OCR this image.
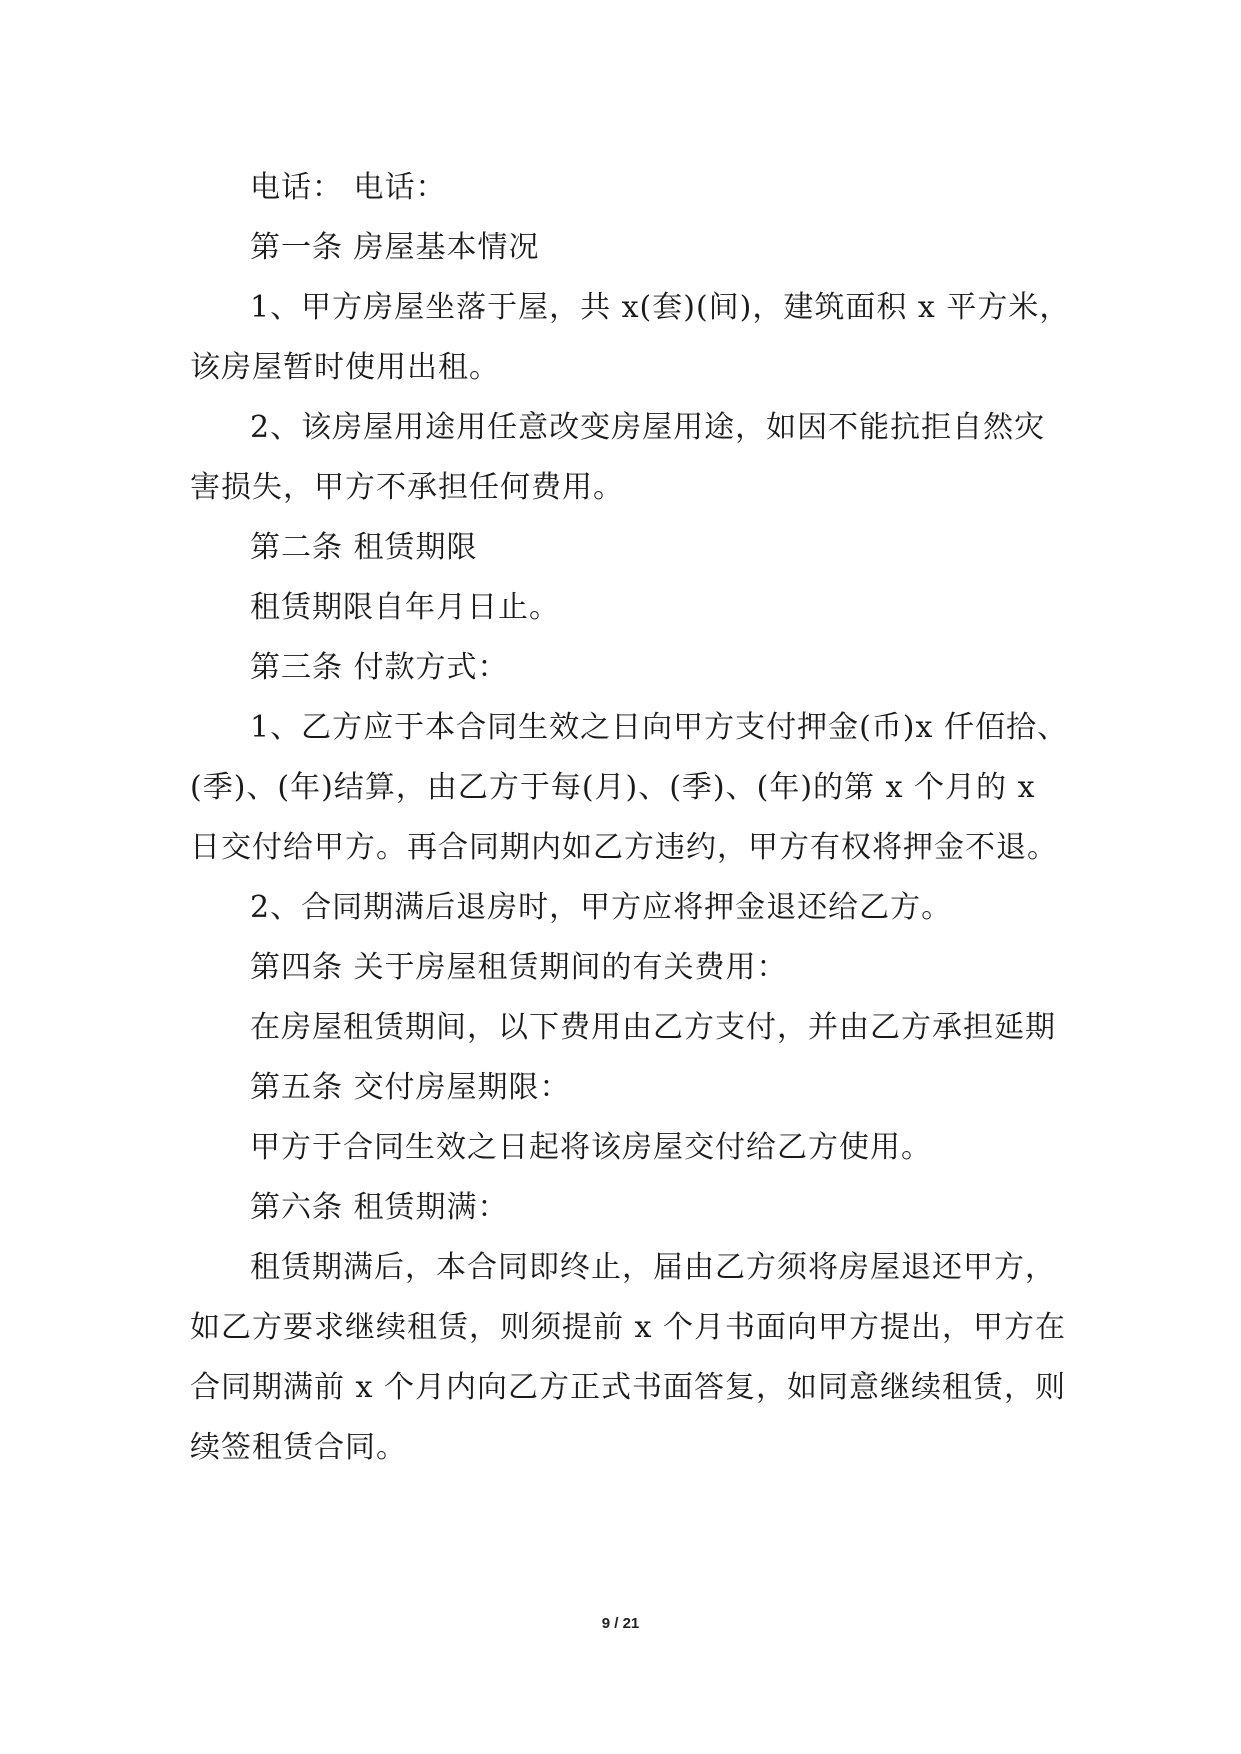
电话： 电话：
第一条 房屋基本情况
1、甲方房屋坐落于屋，共 x(套)(间)，建筑面积 x 平方米，
该房屋暂时使用出租。
2、该房屋用途用任意改变房屋用途，如因不能抗拒自然灾
害损失，甲方不承担任何费用。
第二条 租赁期限
租赁期限自年月日止。
第三条 付款方式：
1、乙方应于本合同生效之日向甲方支付押金(币)x 仟佰拾、
(季)、(年)结算，由乙方于每(月)、(季)、(年)的第 x 个月的 x
日交付给甲方。再合同期内如乙方违约，甲方有权将押金不退。
2、合同期满后退房时，甲方应将押金退还给乙方。
第四条 关于房屋租赁期间的有关费用：
在房屋租赁期间，以下费用由乙方支付，并由乙方承担延期
第五条 交付房屋期限：
甲方于合同生效之日起将该房屋交付给乙方使用。
第六条 租赁期满：
租赁期满后，本合同即终止，届由乙方须将房屋退还甲方，
如乙方要求继续租赁，则须提前 x 个月书面向甲方提出，甲方在
合同期满前 x 个月内向乙方正式书面答复，如同意继续租赁，则
续签租赁合同。
9 / 21
